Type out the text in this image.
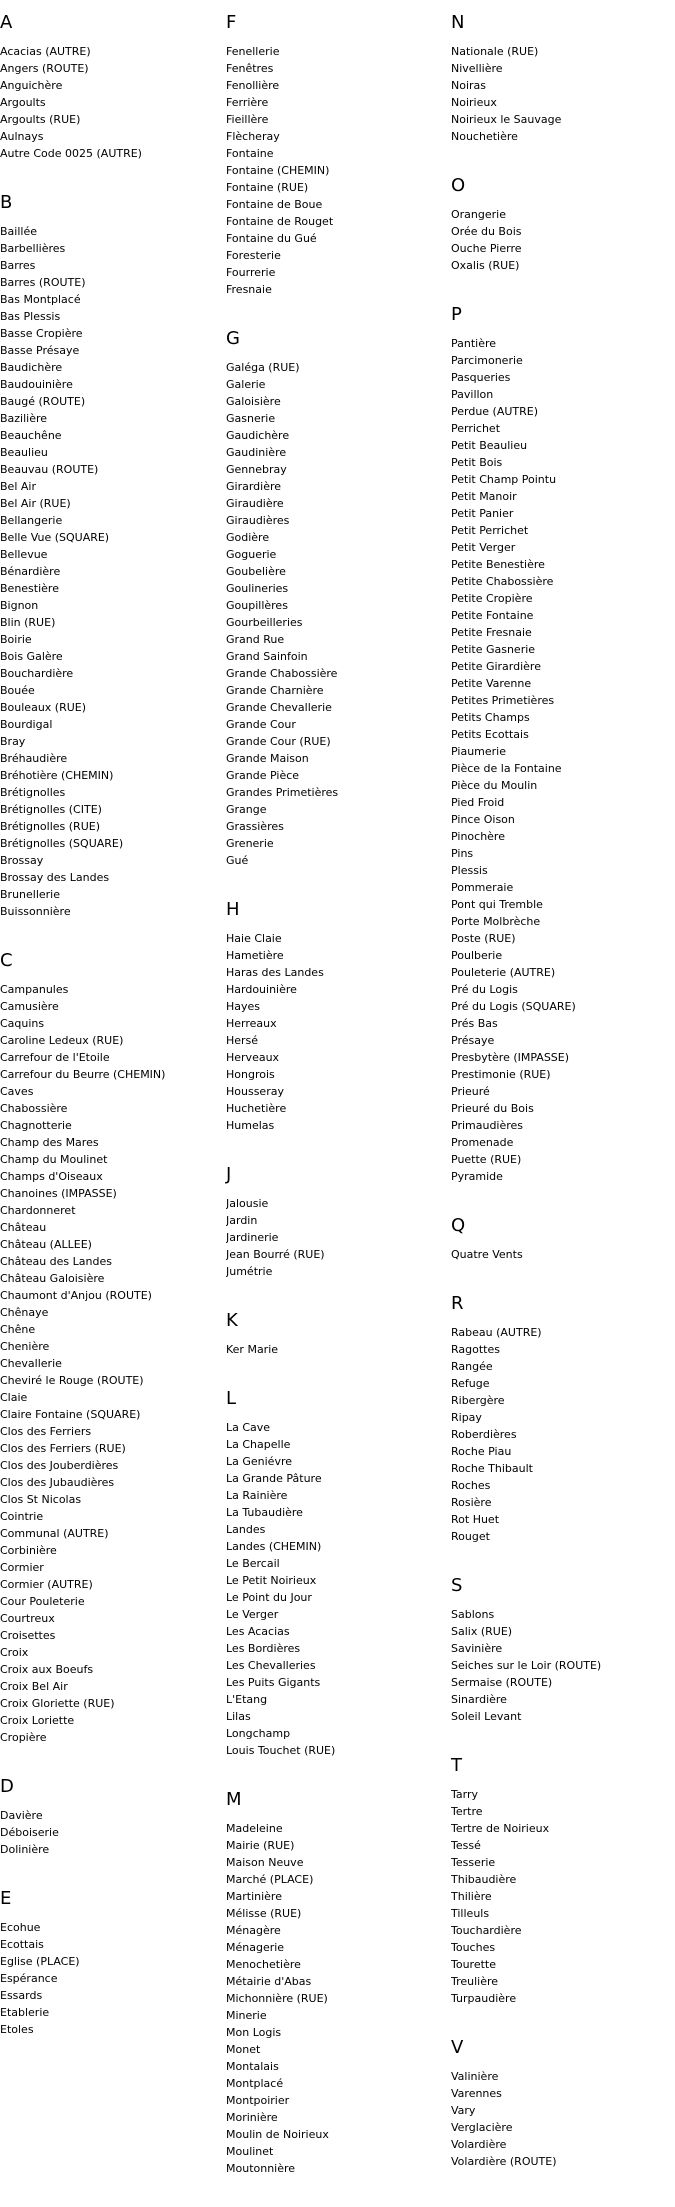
A
Acacias (AUTRE)
Angers (ROUTE)
Anguichère
Argoults
Argoults (RUE)
Aulnays
Autre Code 0025 (AUTRE)
B
Baillée
Barbellières
Barres
Barres (ROUTE)
Bas Montplacé
Bas Plessis
Basse Cropière
Basse Présaye
Baudichère
Baudouinière
Baugé (ROUTE)
Bazilière
Beauchêne
Beaulieu
Beauvau (ROUTE)
Bel Air
Bel Air (RUE)
Bellangerie
Belle Vue (SQUARE)
Bellevue
Bénardière
Benestière
Bignon
Blin (RUE)
Boirie
Bois Galère
Bouchardière
Bouée
Bouleaux (RUE)
Bourdigal
Bray
Bréhaudière
Bréhotière (CHEMIN)
Brétignolles
Brétignolles (CITE)
Brétignolles (RUE)
Brétignolles (SQUARE)
Brossay
Brossay des Landes
Brunellerie
Buissonnière
C
Campanules
Camusière
Caquins
Caroline Ledeux (RUE)
Carrefour de l'Etoile
Carrefour du Beurre (CHEMIN)
Caves
Chabossière
Chagnotterie
Champ des Mares
Champ du Moulinet
Champs d'Oiseaux
Chanoines (IMPASSE)
Chardonneret
Château
Château (ALLEE)
Château des Landes
Château Galoisière
Chaumont d'Anjou (ROUTE)
Chênaye
Chêne
Chenière
Chevallerie
Cheviré le Rouge (ROUTE)
Claie
Claire Fontaine (SQUARE)
Clos des Ferriers
Clos des Ferriers (RUE)
Clos des Jouberdières
Clos des Jubaudières
Clos St Nicolas
Cointrie
Communal (AUTRE)
Corbinière
Cormier
Cormier (AUTRE)
Cour Pouleterie
Courtreux
Croisettes
Croix
Croix aux Boeufs
Croix Bel Air
Croix Gloriette (RUE)
Croix Loriette
Cropière
D
Davière
Déboiserie
Dolinière
E
Ecohue
Ecottais
Eglise (PLACE)
Espérance
Essards
Etablerie
Etoles
F
Fenellerie
Fenêtres
Fenollière
Ferrière
Fieillère
Flècheray
Fontaine
Fontaine (CHEMIN)
Fontaine (RUE)
Fontaine de Boue
Fontaine de Rouget
Fontaine du Gué
Foresterie
Fourrerie
Fresnaie
G
Galéga (RUE)
Galerie
Galoisière
Gasnerie
Gaudichère
Gaudinière
Gennebray
Girardière
Giraudière
Giraudières
Godière
Goguerie
Goubelière
Goulineries
Goupillères
Gourbeilleries
Grand Rue
Grand Sainfoin
Grande Chabossière
Grande Charnière
Grande Chevallerie
Grande Cour
Grande Cour (RUE)
Grande Maison
Grande Pièce
Grandes Primetières
Grange
Grassières
Grenerie
Gué
H
Haie Claie
Hametière
Haras des Landes
Hardouinière
Hayes
Herreaux
Hersé
Herveaux
Hongrois
Housseray
Huchetière
Humelas
J
Jalousie
Jardin
Jardinerie
Jean Bourré (RUE)
Jumétrie
K
Ker Marie
L
La Cave
La Chapelle
La Geniévre
La Grande Pâture
La Rainière
La Tubaudière
Landes
Landes (CHEMIN)
Le Bercail
Le Petit Noirieux
Le Point du Jour
Le Verger
Les Acacias
Les Bordières
Les Chevalleries
Les Puits Gigants
L'Etang
Lilas
Longchamp
Louis Touchet (RUE)
M
Madeleine
Mairie (RUE)
Maison Neuve
Marché (PLACE)
Martinière
Mélisse (RUE)
Ménagère
Ménagerie
Menochetière
Métairie d'Abas
Michonnière (RUE)
Minerie
Mon Logis
Monet
Montalais
Montplacé
Montpoirier
Morinière
Moulin de Noirieux
Moulinet
Moutonnière
N
Nationale (RUE)
Nivellière
Noiras
Noirieux
Noirieux le Sauvage
Nouchetière
O
Orangerie
Orée du Bois
Ouche Pierre
Oxalis (RUE)
P
Pantière
Parcimonerie
Pasqueries
Pavillon
Perdue (AUTRE)
Perrichet
Petit Beaulieu
Petit Bois
Petit Champ Pointu
Petit Manoir
Petit Panier
Petit Perrichet
Petit Verger
Petite Benestière
Petite Chabossière
Petite Cropière
Petite Fontaine
Petite Fresnaie
Petite Gasnerie
Petite Girardière
Petite Varenne
Petites Primetières
Petits Champs
Petits Ecottais
Piaumerie
Pièce de la Fontaine
Pièce du Moulin
Pied Froid
Pince Oison
Pinochère
Pins
Plessis
Pommeraie
Pont qui Tremble
Porte Molbrèche
Poste (RUE)
Poulberie
Pouleterie (AUTRE)
Pré du Logis
Pré du Logis (SQUARE)
Prés Bas
Présaye
Presbytère (IMPASSE)
Prestimonie (RUE)
Prieuré
Prieuré du Bois
Primaudières
Promenade
Puette (RUE)
Pyramide
Q
Quatre Vents
R
Rabeau (AUTRE)
Ragottes
Rangée
Refuge
Ribergère
Ripay
Roberdières
Roche Piau
Roche Thibault
Roches
Rosière
Rot Huet
Rouget
S
Sablons
Salix (RUE)
Savinière
Seiches sur le Loir (ROUTE)
Sermaise (ROUTE)
Sinardière
Soleil Levant
T
Tarry
Tertre
Tertre de Noirieux
Tessé
Tesserie
Thibaudière
Thilière
Tilleuls
Touchardière
Touches
Tourette
Treulière
Turpaudière
V
Valinière
Varennes
Vary
Verglacière
Volardière
Volardière (ROUTE)
